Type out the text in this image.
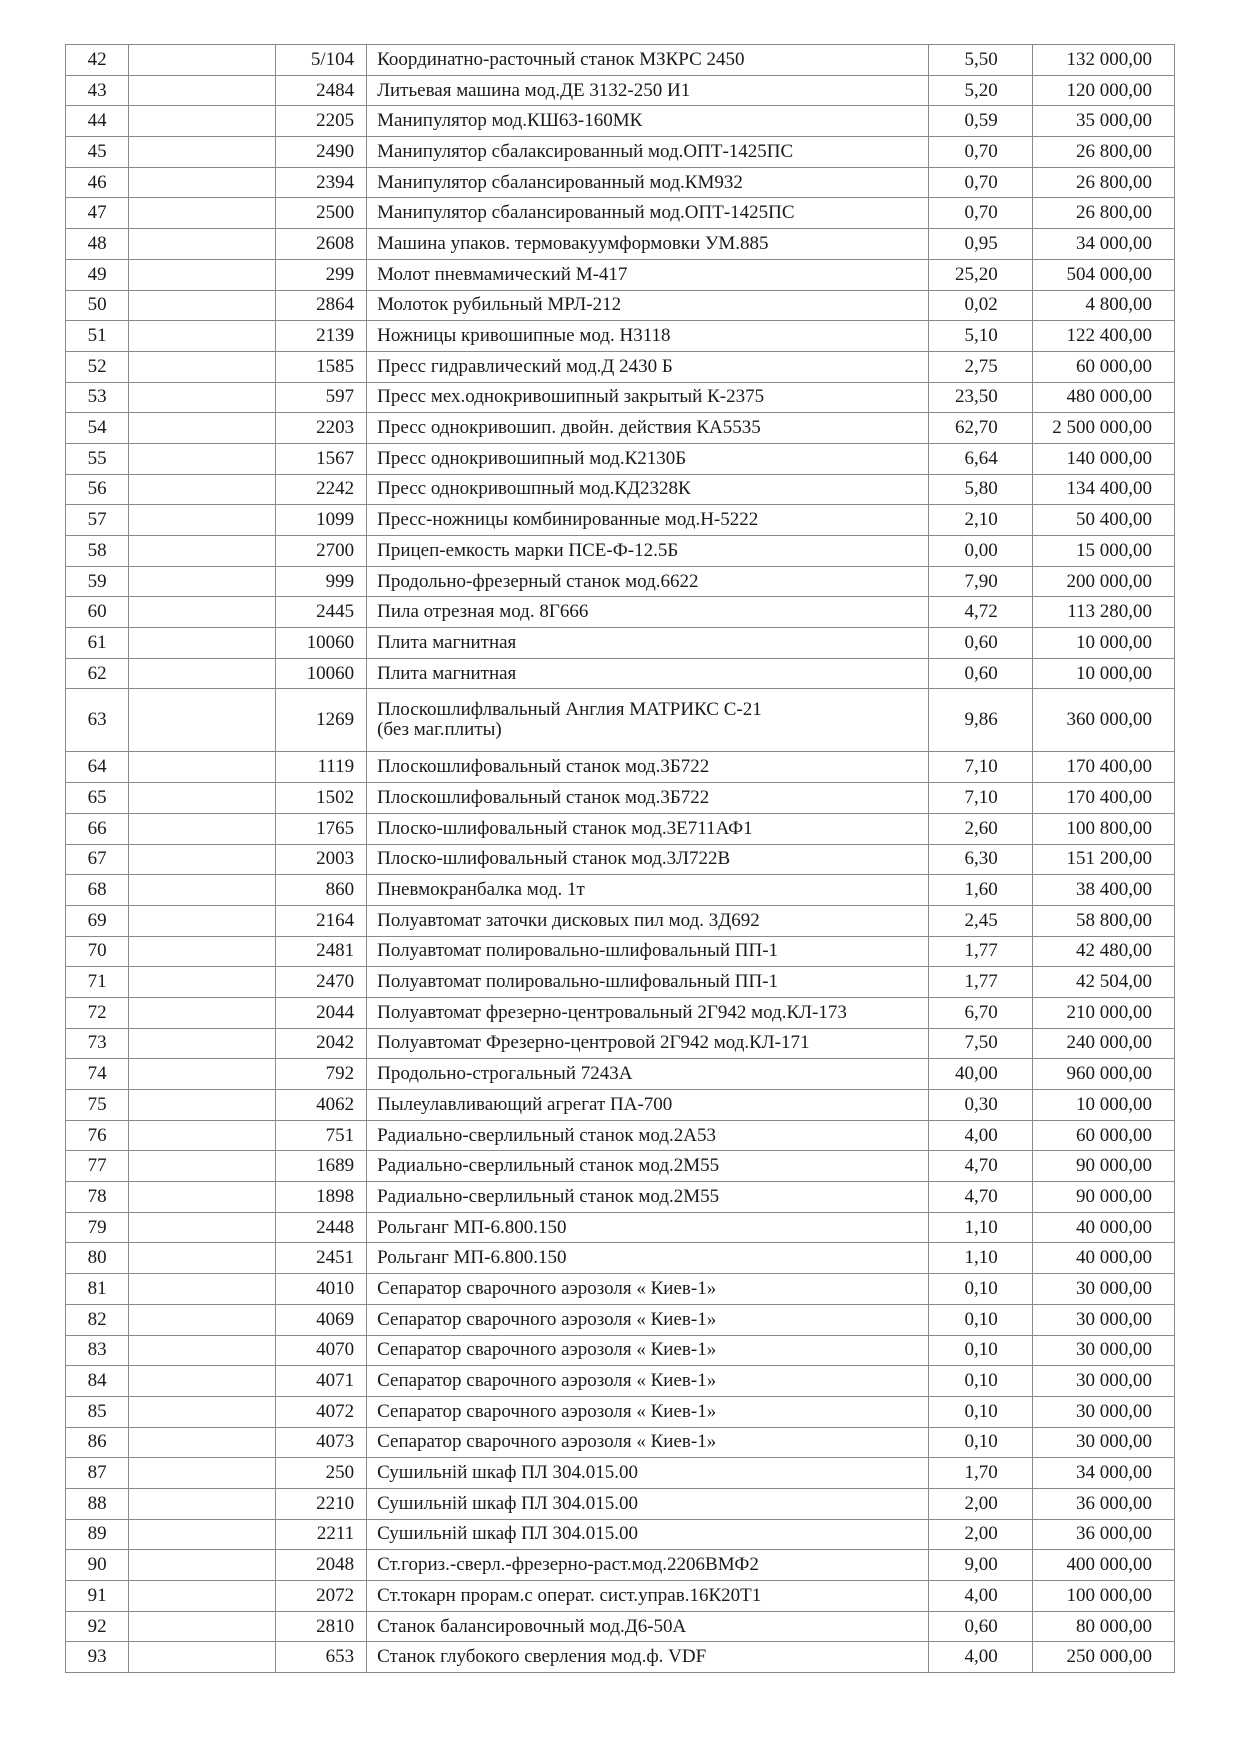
42		5/104	Координатно-расточный станок МЗКРС 2450	5,50	132 000,00
43		2484	Литьевая машина мод.ДЕ 3132-250 И1	5,20	120 000,00
44		2205	Манипулятор мод.КШ63-160МК	0,59	35 000,00
45		2490	Манипулятор сбалаксированный мод.ОПТ-1425ПС	0,70	26 800,00
46		2394	Манипулятор сбалансированный мод.КМ932	0,70	26 800,00
47		2500	Манипулятор сбалансированный мод.ОПТ-1425ПС	0,70	26 800,00
48		2608	Машина упаков. термовакуумформовки УМ.885	0,95	34 000,00
49		299	Молот пневмамический М-417	25,20	504 000,00
50		2864	Молоток рубильный МРЛ-212	0,02	4 800,00
51		2139	Ножницы кривошипные мод. Н3118	5,10	122 400,00
52		1585	Пресс гидравлический мод.Д 2430 Б	2,75	60 000,00
53		597	Пресс мех.однокривошипный закрытый К-2375	23,50	480 000,00
54		2203	Пресс однокривошип. двойн. действия КА5535	62,70	2 500 000,00
55		1567	Пресс однокривошипный мод.К2130Б	6,64	140 000,00
56		2242	Пресс однокривошпный мод.КД2328К	5,80	134 400,00
57		1099	Пресс-ножницы комбинированные мод.Н-5222	2,10	50 400,00
58		2700	Прицеп-емкость марки ПСЕ-Ф-12.5Б	0,00	15 000,00
59		999	Продольно-фрезерный станок мод.6622	7,90	200 000,00
60		2445	Пила отрезная мод. 8Г666	4,72	113 280,00
61		10060	Плита магнитная	0,60	10 000,00
62		10060	Плита магнитная	0,60	10 000,00
63		1269	Плоскошлифлвальный Англия МАТРИКС С-21
(без маг.плиты)	9,86	360 000,00
64		1119	Плоскошлифовальный станок мод.3Б722	7,10	170 400,00
65		1502	Плоскошлифовальный станок мод.3Б722	7,10	170 400,00
66		1765	Плоско-шлифовальный станок мод.3Е711АФ1	2,60	100 800,00
67		2003	Плоско-шлифовальный станок мод.3Л722В	6,30	151 200,00
68		860	Пневмокранбалка мод. 1т	1,60	38 400,00
69		2164	Полуавтомат заточки дисковых пил мод. 3Д692	2,45	58 800,00
70		2481	Полуавтомат полировально-шлифовальный ПП-1	1,77	42 480,00
71		2470	Полуавтомат полировально-шлифовальный ПП-1	1,77	42 504,00
72		2044	Полуавтомат фрезерно-центровальный 2Г942 мод.КЛ-173	6,70	210 000,00
73		2042	Полуавтомат Фрезерно-центровой 2Г942 мод.КЛ-171	7,50	240 000,00
74		792	Продольно-строгальный 7243А	40,00	960 000,00
75		4062	Пылеулавливающий агрегат ПА-700	0,30	10 000,00
76		751	Радиально-сверлильный станок мод.2А53	4,00	60 000,00
77		1689	Радиально-сверлильный станок мод.2М55	4,70	90 000,00
78		1898	Радиально-сверлильный станок мод.2М55	4,70	90 000,00
79		2448	Рольганг МП-6.800.150	1,10	40 000,00
80		2451	Рольганг МП-6.800.150	1,10	40 000,00
81		4010	Сепаратор сварочного аэрозоля « Киев-1»	0,10	30 000,00
82		4069	Сепаратор сварочного аэрозоля « Киев-1»	0,10	30 000,00
83		4070	Сепаратор сварочного аэрозоля « Киев-1»	0,10	30 000,00
84		4071	Сепаратор сварочного аэрозоля « Киев-1»	0,10	30 000,00
85		4072	Сепаратор сварочного аэрозоля « Киев-1»	0,10	30 000,00
86		4073	Сепаратор сварочного аэрозоля « Киев-1»	0,10	30 000,00
87		250	Сушильній шкаф ПЛ 304.015.00	1,70	34 000,00
88		2210	Сушильній шкаф ПЛ 304.015.00	2,00	36 000,00
89		2211	Сушильній шкаф ПЛ 304.015.00	2,00	36 000,00
90		2048	Ст.гориз.-сверл.-фрезерно-раст.мод.2206ВМФ2	9,00	400 000,00
91		2072	Ст.токарн прорам.с операт. сист.управ.16К20Т1	4,00	100 000,00
92		2810	Станок балансировочный мод.Д6-50А	0,60	80 000,00
93		653	Станок глубокого сверления мод.ф. VDF	4,00	250 000,00
